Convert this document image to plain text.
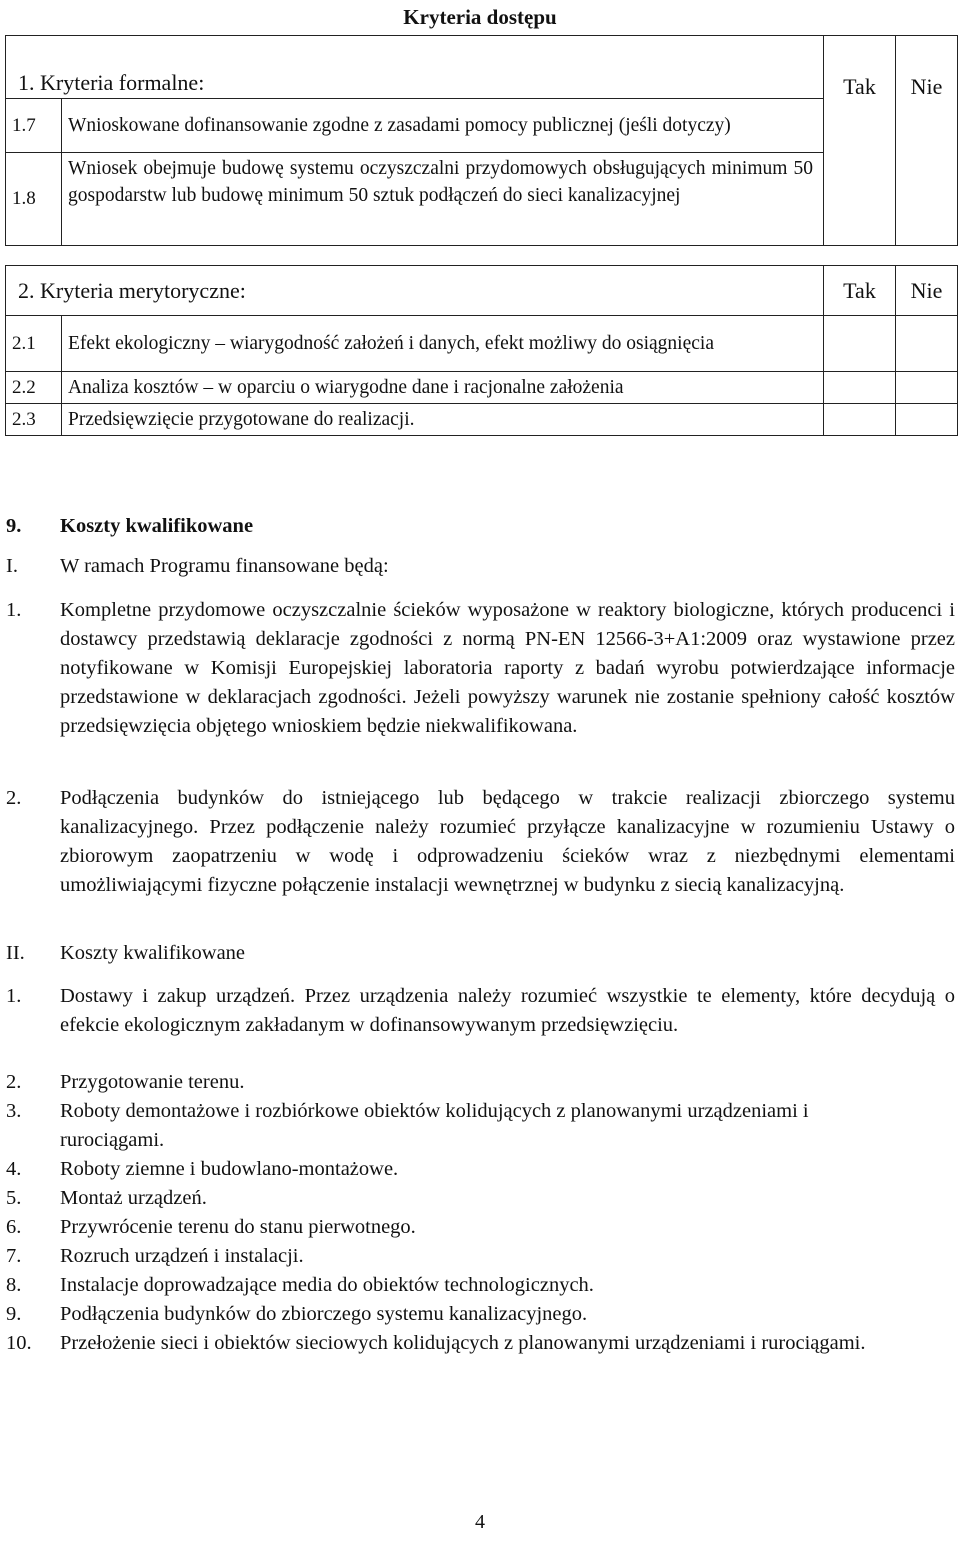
Kryteria dostępu
1. Kryteria formalne:		Tak	Nie
1.7	Wnioskowane dofinansowanie zgodne z zasadami pomocy publicznej (jeśli dotyczy)		
1.8	Wniosek obejmuje budowę systemu oczyszczalni przydomowych obsługujących minimum 50 gospodarstw lub budowę minimum 50 sztuk podłączeń do sieci kanalizacyjnej		
2. Kryteria merytoryczne:		Tak	Nie
2.1	Efekt ekologiczny – wiarygodność założeń i danych, efekt możliwy do osiągnięcia		
2.2	Analiza kosztów – w oparciu o wiarygodne dane i racjonalne założenia		
2.3	Przedsięwzięcie przygotowane do realizacji.		
9. Koszty kwalifikowane
I. W ramach Programu finansowane będą:
1. Kompletne przydomowe oczyszczalnie ścieków wyposażone w reaktory biologiczne, których producenci i dostawcy przedstawią deklaracje zgodności z normą PN-EN 12566-3+A1:2009 oraz wystawione przez notyfikowane w Komisji Europejskiej laboratoria raporty z badań wyrobu potwierdzające informacje przedstawione w deklaracjach zgodności. Jeżeli powyższy warunek nie zostanie spełniony całość kosztów przedsięwzięcia objętego wnioskiem będzie niekwalifikowana.
2. Podłączenia budynków do istniejącego lub będącego w trakcie realizacji zbiorczego systemu kanalizacyjnego. Przez podłączenie należy rozumieć przyłącze kanalizacyjne w rozumieniu Ustawy o zbiorowym zaopatrzeniu w wodę i odprowadzeniu ścieków wraz z niezbędnymi elementami umożliwiającymi fizyczne połączenie instalacji wewnętrznej w budynku z siecią kanalizacyjną.
II. Koszty kwalifikowane
1. Dostawy i zakup urządzeń. Przez urządzenia należy rozumieć wszystkie te elementy, które decydują o efekcie ekologicznym zakładanym w dofinansowywanym przedsięwzięciu.
2. Przygotowanie terenu.
3. Roboty demontażowe i rozbiórkowe obiektów kolidujących z planowanymi urządzeniami i rurociągami.
4. Roboty ziemne i budowlano-montażowe.
5. Montaż urządzeń.
6. Przywrócenie terenu do stanu pierwotnego.
7. Rozruch urządzeń i instalacji.
8. Instalacje doprowadzające media do obiektów technologicznych.
9. Podłączenia budynków do zbiorczego systemu kanalizacyjnego.
10. Przełożenie sieci i obiektów sieciowych kolidujących z planowanymi urządzeniami i rurociągami.
4
